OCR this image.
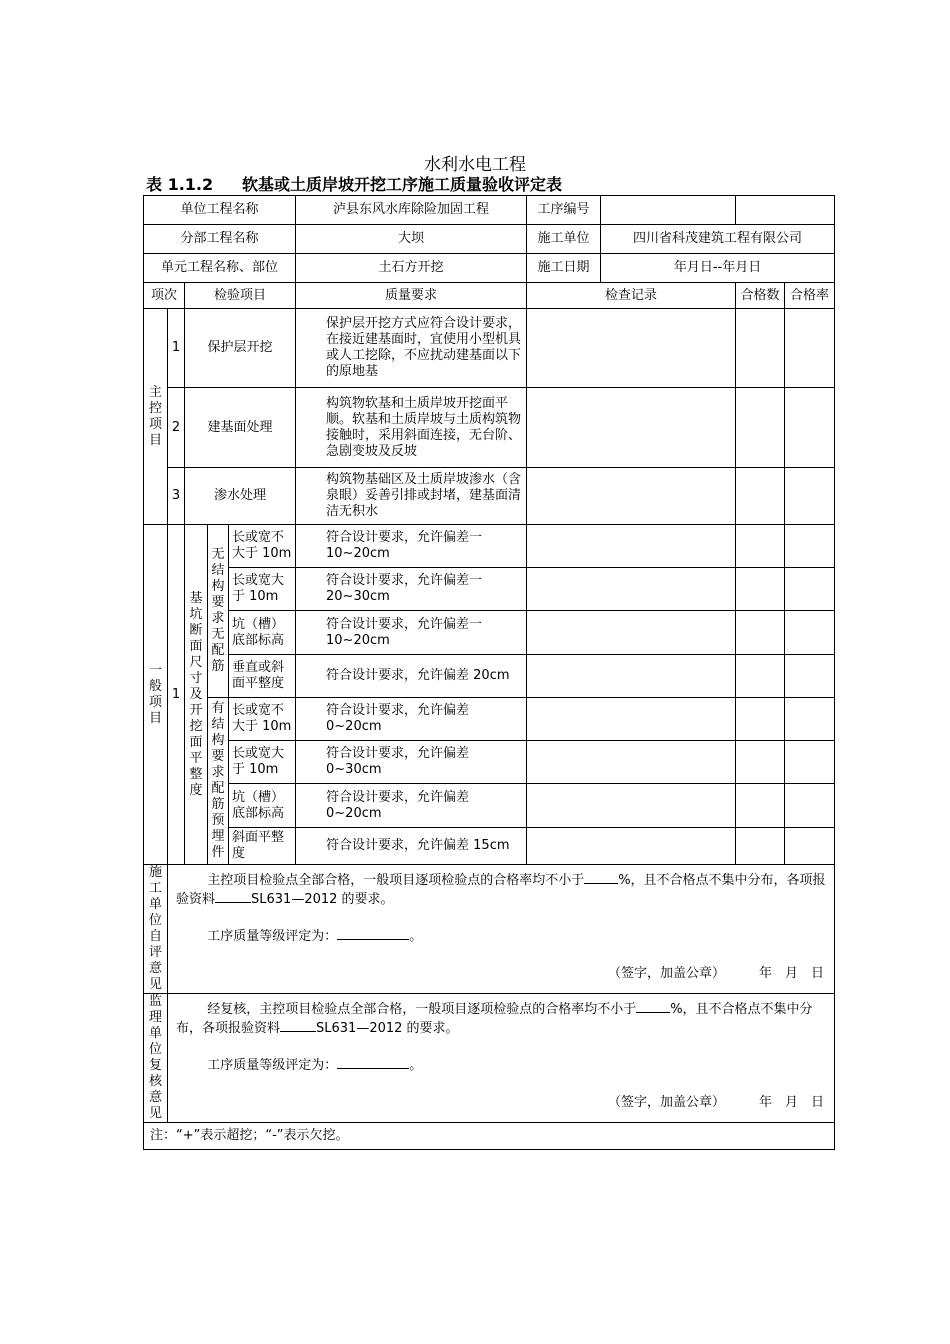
水利水电工程
表 1.1.2 软基或土质岸坡开挖工序施工质量验收评定表
单位工程名称					泸县东风水库除险加固工程	工序编号		

分部工程名称					大坝	施工单位 四川省科茂建筑工程有限公司		

单元工程名称、部位					土石方开挖	施工日期 年月日--年月日		

项次		检验项目			质量要求	检查记录	合格数	合格率
主控项目	1	保护层开挖			保护层开挖方式应符合设计要求，在接近建基面时，宜使用小型机具或人工挖除，不应扰动建基面以下的原地基			

	2	建基面处理			构筑物软基和土质岸坡开挖面平顺。软基和土质岸坡与土质构筑物接触时，采用斜面连接，无台阶、急剧变坡及反坡			

	3	渗水处理			构筑物基础区及土质岸坡渗水（含泉眼）妥善引排或封堵，建基面清洁无积水			

一般项目	1	基坑断面尺寸及开挖面平整度	无结构要求无配筋	长或宽不大于 10m	符合设计要求，允许偏差一10~20cm			

				长或宽大于 10m	符合设计要求，允许偏差一20~30cm			

				坑（槽）底部标高	符合设计要求，允许偏差一10~20cm			

				垂直或斜面平整度	符合设计要求，允许偏差 20cm			

			有结构要求配筋预埋件	长或宽不大于 10m	符合设计要求，允许偏差 0~20cm			

				长或宽大于 10m	符合设计要求，允许偏差 0~30cm			

				坑（槽）底部标高	符合设计要求，允许偏差 0~20cm			

				斜面平整度	符合设计要求，允许偏差 15cm			

施工单位自评意见	主控项目检验点全部合格，一般项目逐项检验点的合格率均不小于 %，且不合格点不集中分布，各项报验资料 SL631—2012 的要求。

工序质量等级评定为： 。

（签字，加盖公章） 年　月　日							

监理单位复核意见	经复核，主控项目检验点全部合格，一般项目逐项检验点的合格率均不小于 %，且不合格点不集中分布，各项报验资料 SL631—2012 的要求。

工序质量等级评定为： 。

（签字，加盖公章） 年　月　日							

注：“+”表示超挖；“-”表示欠挖。								
